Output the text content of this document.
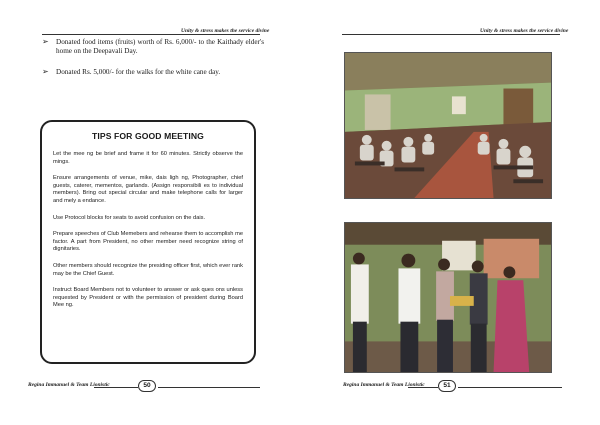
Unity & stress makes the service divine
➢ Donated food items (fruits) worth of Rs. 6,000/- to the Kaithady elder's home on the Deepavali Day.
➢ Donated Rs. 5,000/- for the walks for the white cane day.
TIPS FOR GOOD MEETING

Let the mee ng be brief and frame it for 60 minutes. Strictly observe the mings.

Ensure arrangements of venue, mike, dais ligh ng, Photographer, chief guests, caterer, mementos, garlands. (Assign responsibili es to individual members). Bring out special circular and make telephone calls for larger and mely a endance.

Use Protocol blocks for seats to avoid confusion on the dais.

Prepare speeches of Club Memebers and rehearse them to accomplish me factor. A part from President, no other member need recognize string of dignitaries.

Other members should recognize the presiding officer first, which ever rank may be the Chief Guest.

Instruct Board Members not to volunteer to answer or ask ques ons unless requested by President or with the permission of president during Board Mee ng.

Regina Immanuel & Team Lionistic	50
Unity & stress makes the service divine
Regina Immanuel & Team Lionistic	51
